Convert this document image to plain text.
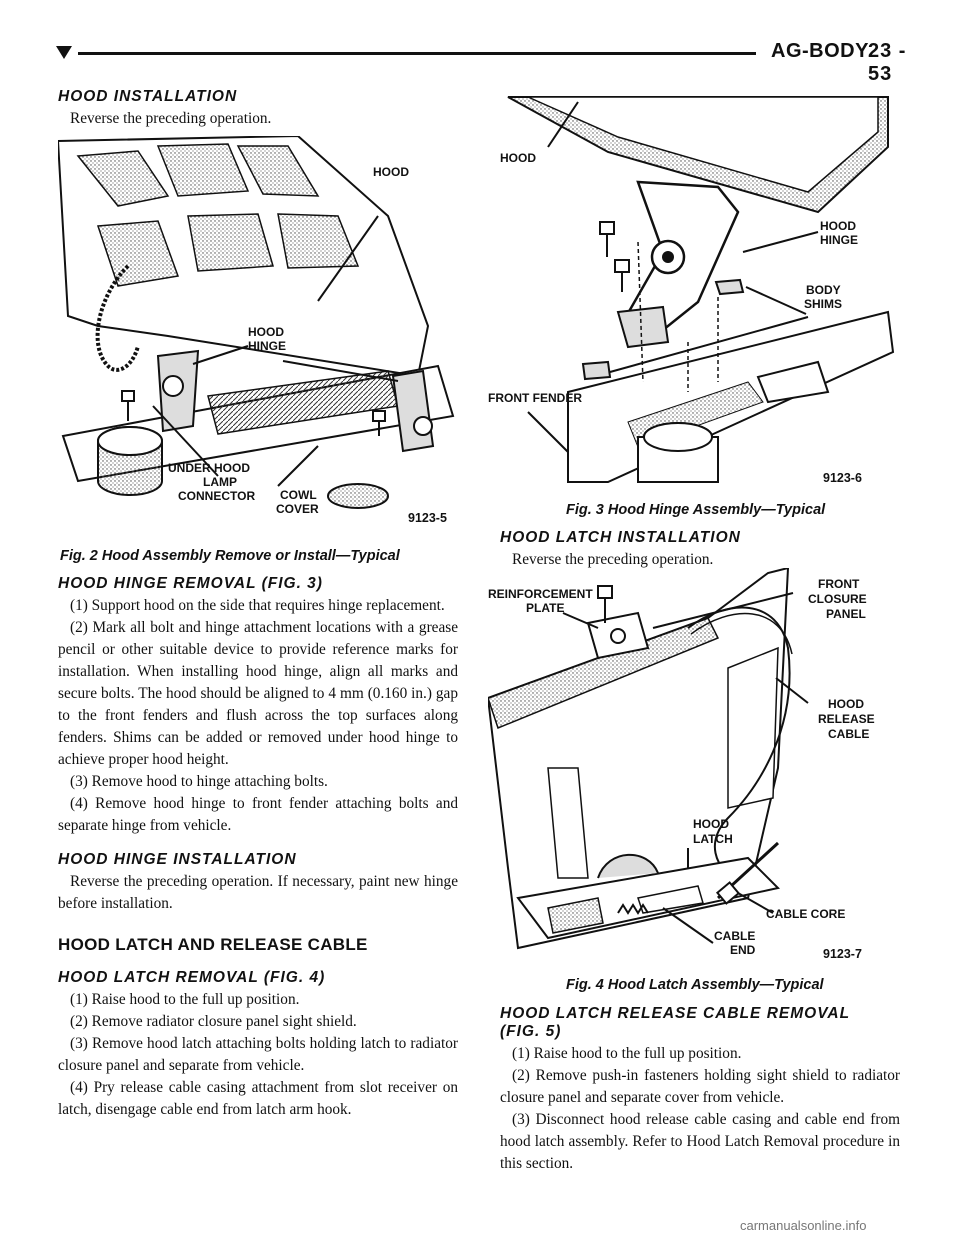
AG-BODY 23 - 53
HOOD INSTALLATION

Reverse the preceding operation.

HOOD
HOOD
HINGE
UNDER HOOD
LAMP
CONNECTOR COWL
COVER
9123-5

Fig. 2 Hood Assembly Remove or Install—Typical

HOOD HINGE REMOVAL (FIG. 3)

(1) Support hood on the side that requires hinge replacement.

(2) Mark all bolt and hinge attachment locations with a grease pencil or other suitable device to provide reference marks for installation. When installing hood hinge, align all marks and secure bolts. The hood should be aligned to 4 mm (0.160 in.) gap to the front fenders and flush across the top surfaces along fenders. Shims can be added or removed under hood hinge to achieve proper hood height.

(3) Remove hood to hinge attaching bolts.

(4) Remove hood hinge to front fender attaching bolts and separate hinge from vehicle.

HOOD HINGE INSTALLATION

Reverse the preceding operation. If necessary, paint new hinge before installation.

HOOD LATCH AND RELEASE CABLE
HOOD LATCH REMOVAL (FIG. 4)

(1) Raise hood to the full up position.

(2) Remove radiator closure panel sight shield.

(3) Remove hood latch attaching bolts holding latch to radiator closure panel and separate from vehicle.

(4) Pry release cable casing attachment from slot receiver on latch, disengage cable end from latch arm hook.

HOOD
HOOD
HINGE
BODY
SHIMS
FRONT FENDER
9123-6

Fig. 3 Hood Hinge Assembly—Typical

HOOD LATCH INSTALLATION

Reverse the preceding operation.

REINFORCEMENT
PLATE
FRONT
CLOSURE
PANEL
HOOD
RELEASE
CABLE
HOOD
LATCH
CABLE CORE
CABLE
END	9123-7

Fig. 4 Hood Latch Assembly—Typical

HOOD LATCH RELEASE CABLE REMOVAL
(FIG. 5)

(1) Raise hood to the full up position.

(2) Remove push-in fasteners holding sight shield to radiator closure panel and separate cover from vehicle.

(3) Disconnect hood release cable casing and cable end from hood latch assembly. Refer to Hood Latch Removal procedure in this section.

carmanualsonline.info
